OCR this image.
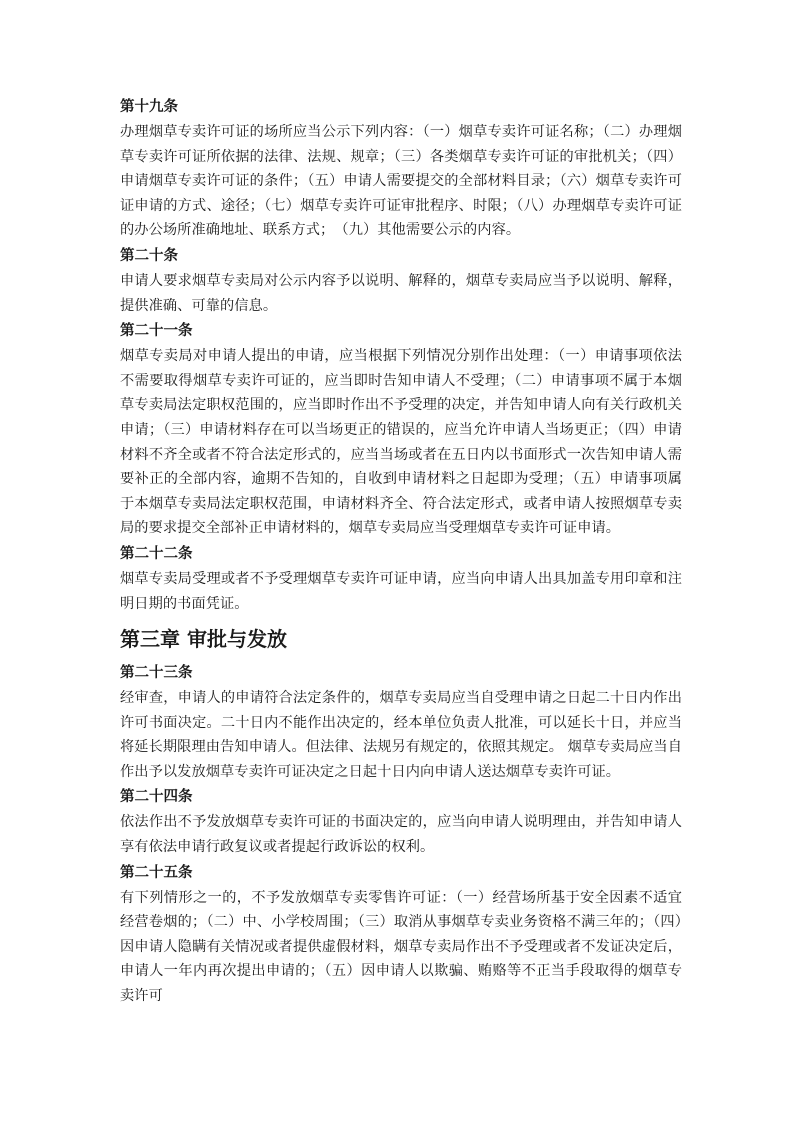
第十九条
办理烟草专卖许可证的场所应当公示下列内容：（一）烟草专卖许可证名称；（二）办理烟草专卖许可证所依据的法律、法规、规章；（三）各类烟草专卖许可证的审批机关；（四）申请烟草专卖许可证的条件；（五）申请人需要提交的全部材料目录；（六）烟草专卖许可证申请的方式、途径；（七）烟草专卖许可证审批程序、时限；（八）办理烟草专卖许可证的办公场所准确地址、联系方式；　（九）其他需要公示的内容。
第二十条
申请人要求烟草专卖局对公示内容予以说明、解释的，烟草专卖局应当予以说明、解释，提供准确、可靠的信息。
第二十一条
烟草专卖局对申请人提出的申请，应当根据下列情况分别作出处理：（一）申请事项依法不需要取得烟草专卖许可证的，应当即时告知申请人不受理；（二）申请事项不属于本烟草专卖局法定职权范围的，应当即时作出不予受理的决定，并告知申请人向有关行政机关申请；（三）申请材料存在可以当场更正的错误的，应当允许申请人当场更正；（四）申请材料不齐全或者不符合法定形式的，应当当场或者在五日内以书面形式一次告知申请人需要补正的全部内容，逾期不告知的，自收到申请材料之日起即为受理；（五）申请事项属于本烟草专卖局法定职权范围，申请材料齐全、符合法定形式，或者申请人按照烟草专卖局的要求提交全部补正申请材料的，烟草专卖局应当受理烟草专卖许可证申请。
第二十二条
烟草专卖局受理或者不予受理烟草专卖许可证申请，应当向申请人出具加盖专用印章和注明日期的书面凭证。
第三章 审批与发放
第二十三条
经审查，申请人的申请符合法定条件的，烟草专卖局应当自受理申请之日起二十日内作出许可书面决定。二十日内不能作出决定的，经本单位负责人批准，可以延长十日，并应当将延长期限理由告知申请人。但法律、法规另有规定的，依照其规定。 烟草专卖局应当自作出予以发放烟草专卖许可证决定之日起十日内向申请人送达烟草专卖许可证。
第二十四条
依法作出不予发放烟草专卖许可证的书面决定的，应当向申请人说明理由，并告知申请人享有依法申请行政复议或者提起行政诉讼的权利。
第二十五条
有下列情形之一的，不予发放烟草专卖零售许可证：（一）经营场所基于安全因素不适宜经营卷烟的；（二）中、小学校周围；（三）取消从事烟草专卖业务资格不满三年的；（四）因申请人隐瞒有关情况或者提供虚假材料，烟草专卖局作出不予受理或者不发证决定后，申请人一年内再次提出申请的；（五）因申请人以欺骗、贿赂等不正当手段取得的烟草专卖许可
